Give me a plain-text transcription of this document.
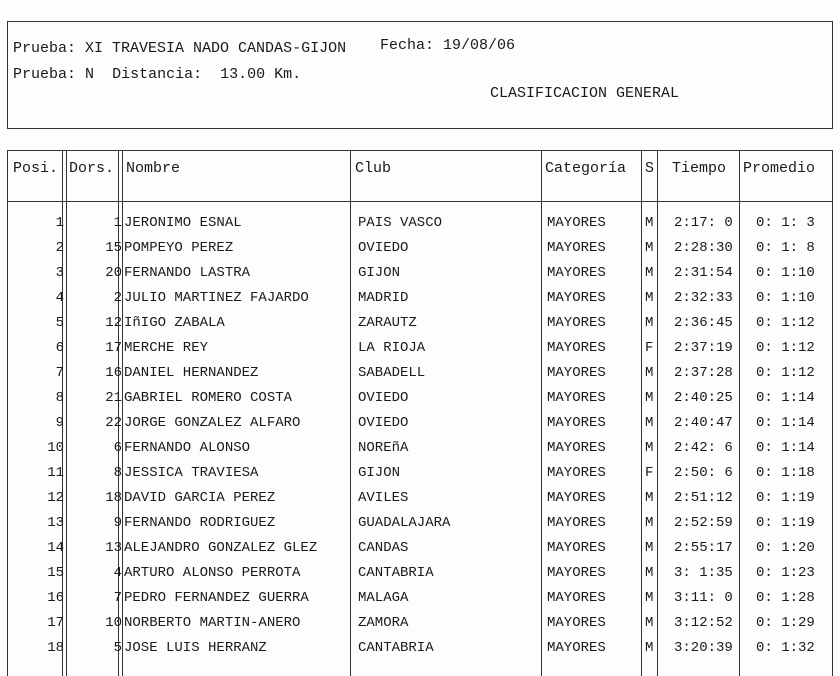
Prueba: XI TRAVESIA NADO CANDAS-GIJON Fecha: 19/08/06
Prueba: N Distancia: 13.00 Km.
CLASIFICACION GENERAL
Posi. Dors. Nombre	Club	Categoría S Tiempo Promedio
1	1 JERONIMO ESNAL	PAIS VASCO	MAYORES	M 2:17: 0 0: 1: 3
2	15 POMPEYO PEREZ	OVIEDO	MAYORES	M 2:28:30 0: 1: 8
3	20 FERNANDO LASTRA	GIJON	MAYORES	M 2:31:54 0: 1:10
4	2 JULIO MARTINEZ FAJARDO	MADRID	MAYORES	M 2:32:33 0: 1:10
5	12 IñIGO ZABALA	ZARAUTZ	MAYORES	M 2:36:45 0: 1:12
6	17 MERCHE REY	LA RIOJA	MAYORES	F 2:37:19 0: 1:12
7	16 DANIEL HERNANDEZ	SABADELL	MAYORES	M 2:37:28 0: 1:12
8	21 GABRIEL ROMERO COSTA	OVIEDO	MAYORES	M 2:40:25 0: 1:14
9	22 JORGE GONZALEZ ALFARO	OVIEDO	MAYORES	M 2:40:47 0: 1:14
10	6 FERNANDO ALONSO	NOREñA	MAYORES	M 2:42: 6 0: 1:14
11	8 JESSICA TRAVIESA	GIJON	MAYORES	F 2:50: 6 0: 1:18
12	18 DAVID GARCIA PEREZ	AVILES	MAYORES	M 2:51:12 0: 1:19
13	9 FERNANDO RODRIGUEZ	GUADALAJARA	MAYORES	M 2:52:59 0: 1:19
14	13 ALEJANDRO GONZALEZ GLEZ	CANDAS	MAYORES	M 2:55:17 0: 1:20
15	4 ARTURO ALONSO PERROTA	CANTABRIA	MAYORES	M 3: 1:35 0: 1:23
16	7 PEDRO FERNANDEZ GUERRA	MALAGA	MAYORES	M 3:11: 0 0: 1:28
17	10 NORBERTO MARTIN-ANERO	ZAMORA	MAYORES	M 3:12:52 0: 1:29
18	5 JOSE LUIS HERRANZ	CANTABRIA	MAYORES	M 3:20:39 0: 1:32
